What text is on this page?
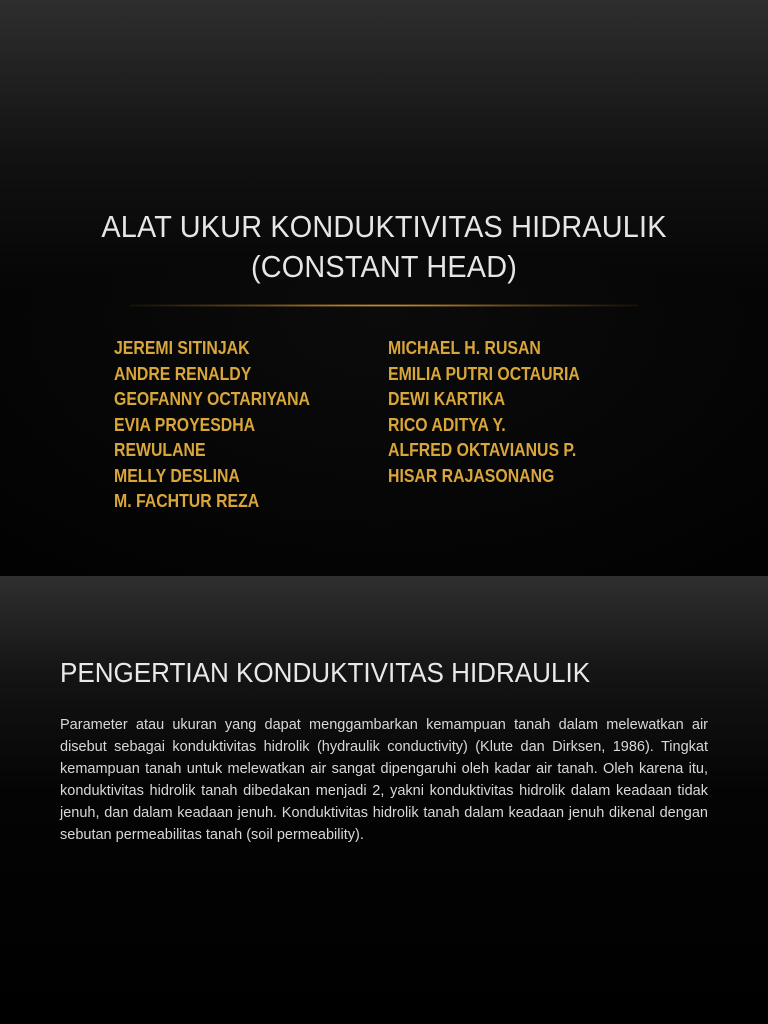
ALAT UKUR KONDUKTIVITAS HIDRAULIK
(CONSTANT HEAD)
JEREMI SITINJAK
ANDRE RENALDY
GEOFANNY OCTARIYANA
EVIA PROYESDHA
REWULANE
MELLY DESLINA
M. FACHTUR REZA
MICHAEL H. RUSAN
EMILIA PUTRI OCTAURIA
DEWI KARTIKA
RICO ADITYA Y.
ALFRED OKTAVIANUS P.
HISAR RAJASONANG
PENGERTIAN KONDUKTIVITAS HIDRAULIK
Parameter atau ukuran yang dapat menggambarkan kemampuan tanah dalam melewatkan air disebut sebagai konduktivitas hidrolik (hydraulik conductivity) (Klute dan Dirksen, 1986). Tingkat kemampuan tanah untuk melewatkan air sangat dipengaruhi oleh kadar air tanah. Oleh karena itu, konduktivitas hidrolik tanah dibedakan menjadi 2, yakni konduktivitas hidrolik dalam keadaan tidak jenuh, dan dalam keadaan jenuh. Konduktivitas hidrolik tanah dalam keadaan jenuh dikenal dengan sebutan permeabilitas tanah (soil permeability).
